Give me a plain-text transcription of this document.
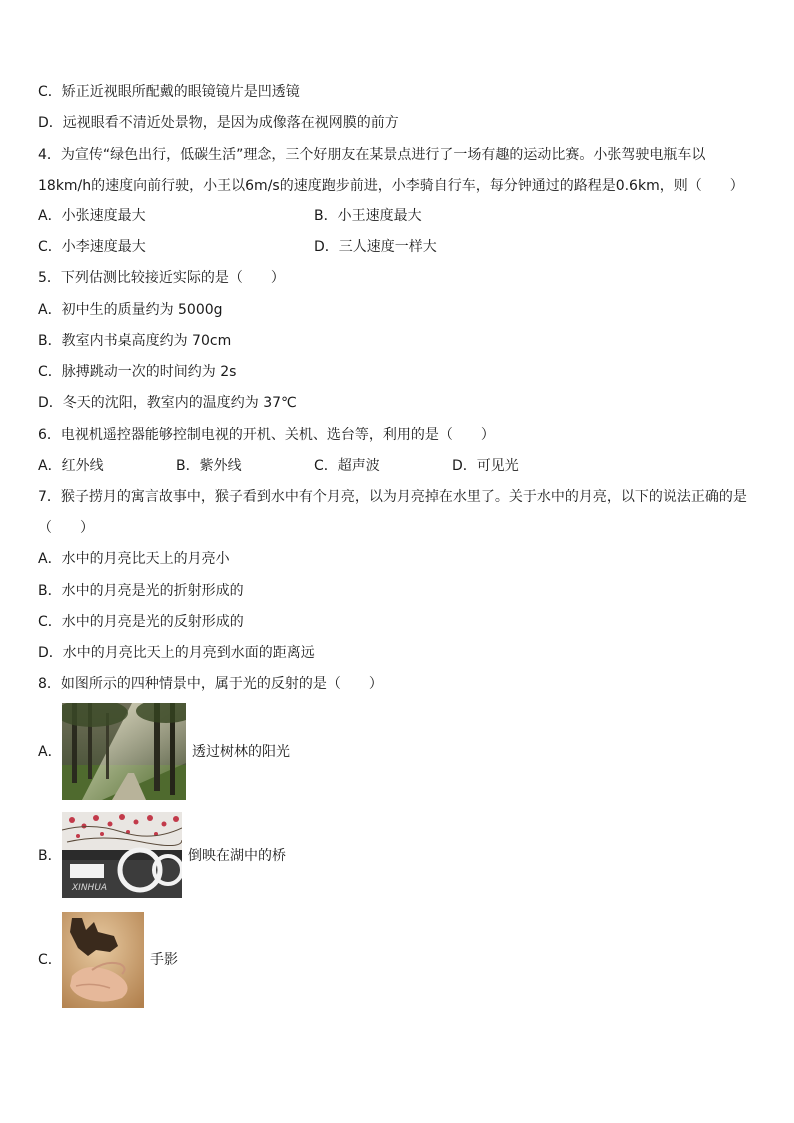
C．矫正近视眼所配戴的眼镜镜片是凹透镜
D．远视眼看不清近处景物，是因为成像落在视网膜的前方
4．为宣传“绿色出行，低碳生活”理念，三个好朋友在某景点进行了一场有趣的运动比赛。小张驾驶电瓶车以18km/h的速度向前行驶，小王以6m/s的速度跑步前进，小李骑自行车，每分钟通过的路程是0.6km，则（　　）
A．小张速度最大	B．小王速度最大
C．小李速度最大	D．三人速度一样大
5．下列估测比较接近实际的是（　　）
A．初中生的质量约为 5000g
B．教室内书桌高度约为 70cm
C．脉搏跳动一次的时间约为 2s
D．冬天的沈阳，教室内的温度约为 37℃
6．电视机遥控器能够控制电视的开机、关机、选台等，利用的是（　　）
A．红外线	B．紫外线	C．超声波	D．可见光
7．猴子捞月的寓言故事中，猴子看到水中有个月亮，以为月亮掉在水里了。关于水中的月亮，以下的说法正确的是（　　）
A．水中的月亮比天上的月亮小
B．水中的月亮是光的折射形成的
C．水中的月亮是光的反射形成的
D．水中的月亮比天上的月亮到水面的距离远
8．如图所示的四种情景中，属于光的反射的是（　　）
A．	透过树林的阳光
B．
XINHUA
倒映在湖中的桥
C．	手影
